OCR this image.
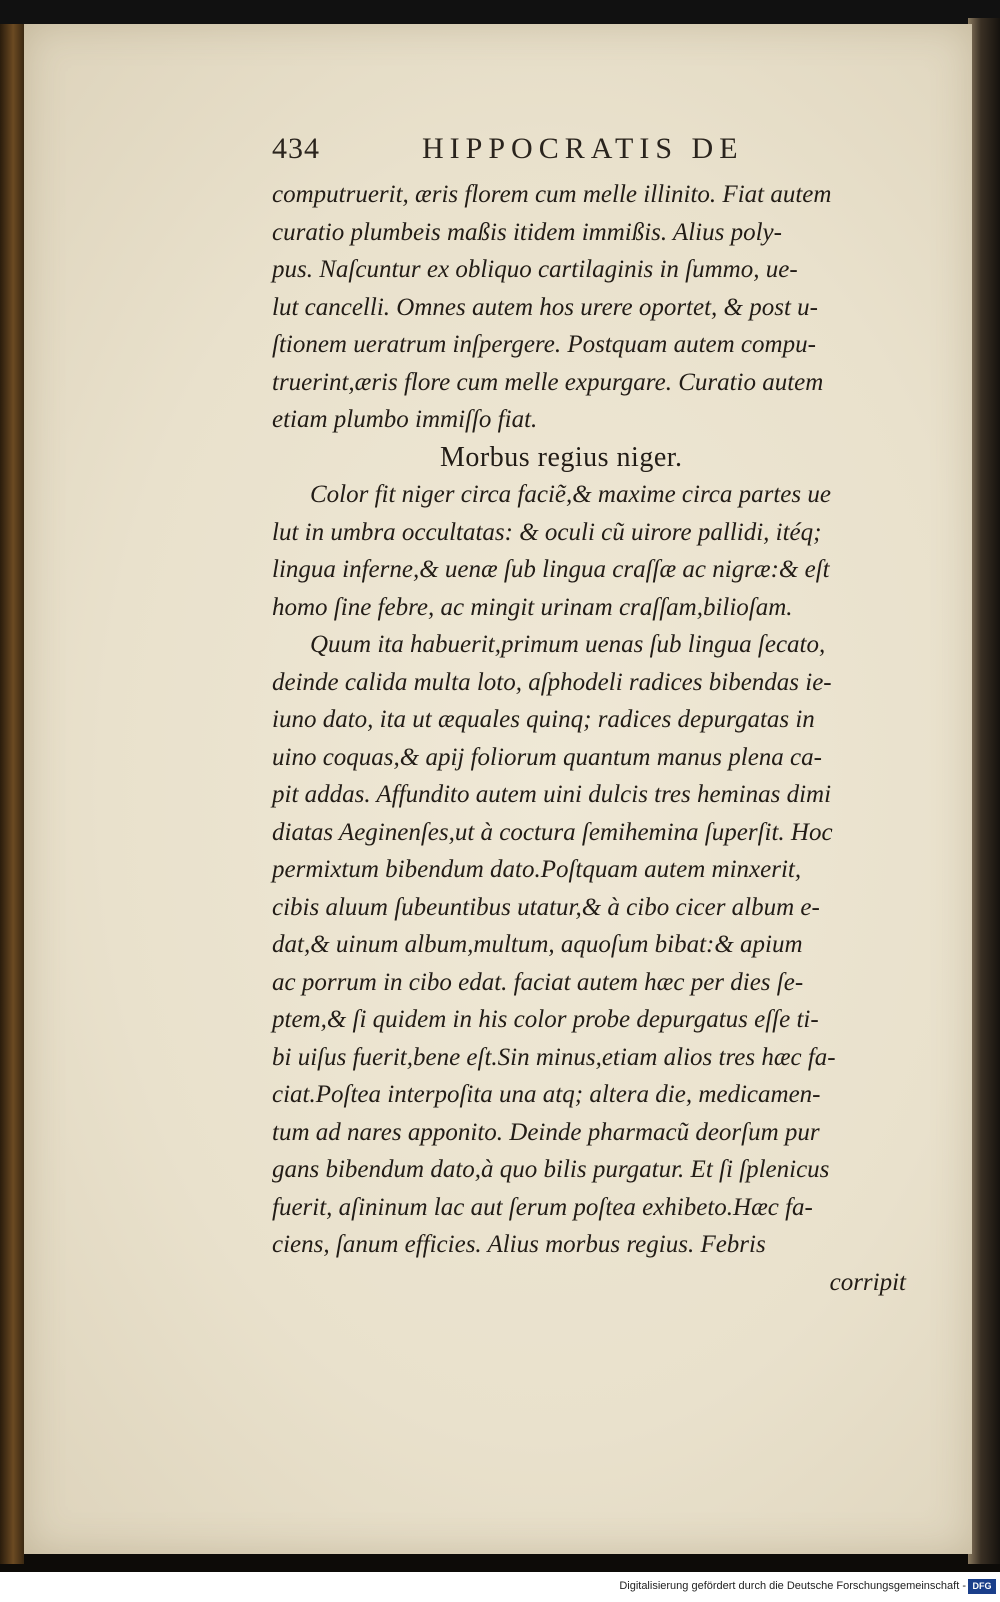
434	HIPPOCRATIS DE
computruerit, æris florem cum melle illinito. Fiat autem
curatio plumbeis maßis itidem immißis. Alius poly-
pus. Naſcuntur ex obliquo cartilaginis in ſummo, ue-
lut cancelli. Omnes autem hos urere oportet, & post u-
ſtionem ueratrum inſpergere. Postquam autem compu-
truerint,æris flore cum melle expurgare. Curatio autem
etiam plumbo immiſſo fiat.
Morbus regius niger.
Color fit niger circa faciẽ,& maxime circa partes ue
lut in umbra occultatas: & oculi cũ uirore pallidi, itéq;
lingua inferne,& uenæ ſub lingua craſſæ ac nigræ:& eſt
homo ſine febre, ac mingit urinam craſſam,bilioſam.
Quum ita habuerit,primum uenas ſub lingua ſecato,
deinde calida multa loto, aſphodeli radices bibendas ie-
iuno dato, ita ut æquales quinq; radices depurgatas in
uino coquas,& apij foliorum quantum manus plena ca-
pit addas. Affundito autem uini dulcis tres heminas dimi
diatas Aeginenſes,ut à coctura ſemihemina ſuperſit. Hoc
permixtum bibendum dato.Poſtquam autem minxerit,
cibis aluum ſubeuntibus utatur,& à cibo cicer album e-
dat,& uinum album,multum, aquoſum bibat:& apium
ac porrum in cibo edat. faciat autem hæc per dies ſe-
ptem,& ſi quidem in his color probe depurgatus eſſe ti-
bi uiſus fuerit,bene eſt.Sin minus,etiam alios tres hæc fa-
ciat.Poſtea interpoſita una atq; altera die, medicamen-
tum ad nares apponito. Deinde pharmacũ deorſum pur
gans bibendum dato,à quo bilis purgatur. Et ſi ſplenicus
fuerit, aſininum lac aut ſerum poſtea exhibeto.Hæc fa-
ciens, ſanum efficies. Alius morbus regius. Febris
corripit
Digitalisierung gefördert durch die Deutsche Forschungsgemeinschaft - DFG
